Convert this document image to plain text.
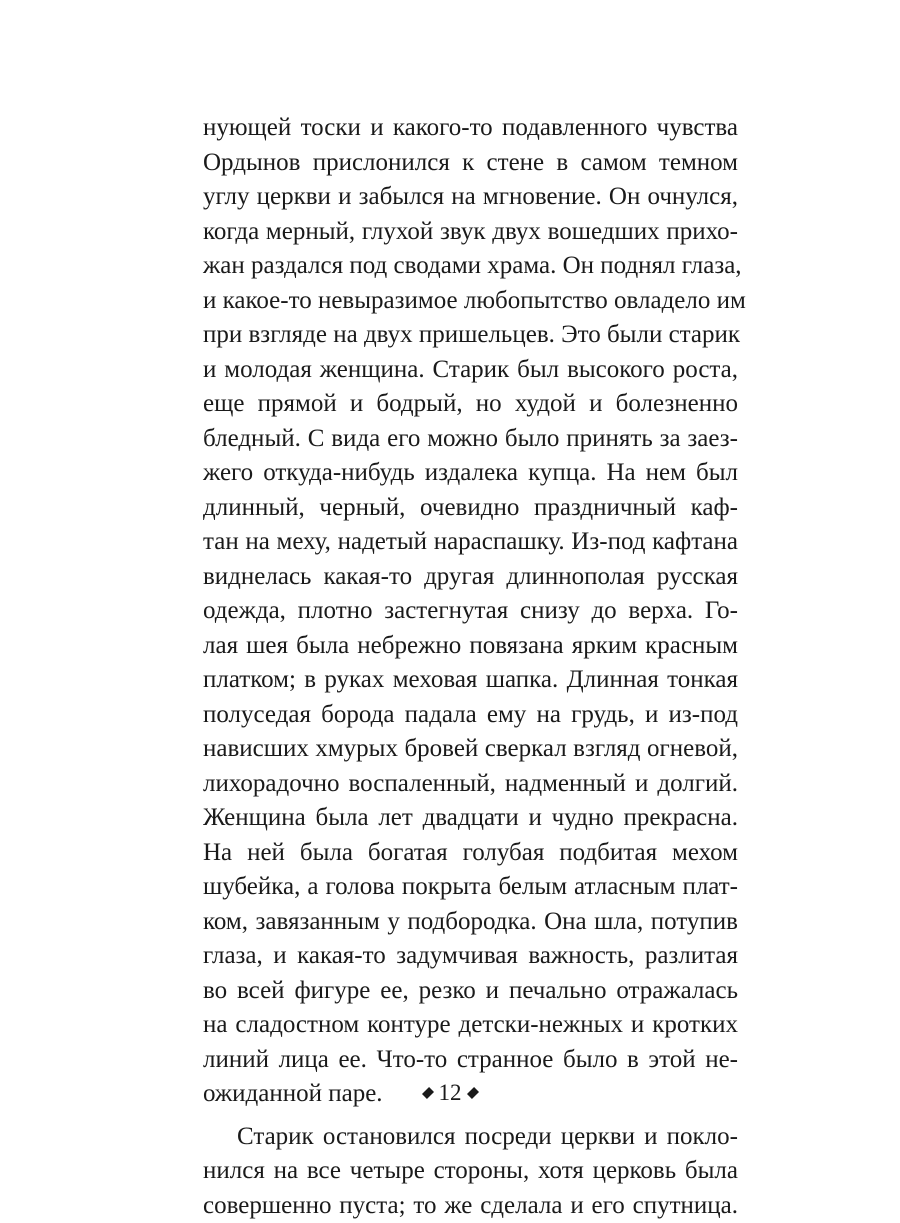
нующей тоски и какого-то подавленного чувства
Ордынов прислонился к стене в самом темном
углу церкви и забылся на мгновение. Он очнулся,
когда мерный, глухой звук двух вошедших прихо-
жан раздался под сводами храма. Он поднял глаза,
и какое-то невыразимое любопытство овладело им
при взгляде на двух пришельцев. Это были старик
и молодая женщина. Старик был высокого роста,
еще прямой и бодрый, но худой и болезненно
бледный. С вида его можно было принять за заез-
жего откуда-нибудь издалека купца. На нем был
длинный, черный, очевидно праздничный каф-
тан на меху, надетый нараспашку. Из-под кафтана
виднелась какая-то другая длиннополая русская
одежда, плотно застегнутая снизу до верха. Го-
лая шея была небрежно повязана ярким красным
платком; в руках меховая шапка. Длинная тонкая
полуседая борода падала ему на грудь, и из-под
нависших хмурых бровей сверкал взгляд огневой,
лихорадочно воспаленный, надменный и долгий.
Женщина была лет двадцати и чудно прекрасна.
На ней была богатая голубая подбитая мехом
шубейка, а голова покрыта белым атласным плат-
ком, завязанным у подбородка. Она шла, потупив
глаза, и какая-то задумчивая важность, разлитая
во всей фигуре ее, резко и печально отражалась
на сладостном контуре детски-нежных и кротких
линий лица ее. Что-то странное было в этой не-
ожиданной паре.
Старик остановился посреди церкви и покло-
нился на все четыре стороны, хотя церковь была
совершенно пуста; то же сделала и его спутница.
12
